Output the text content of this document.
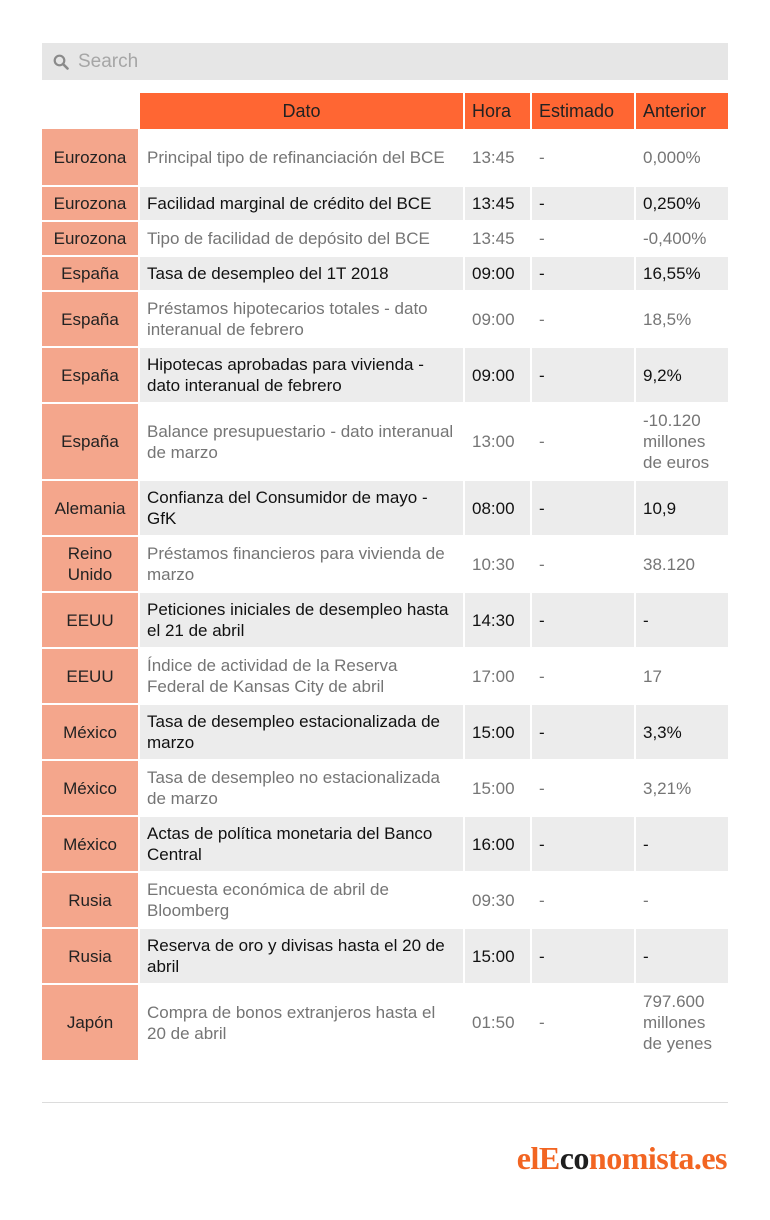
Search
	Dato	Hora	Estimado	Anterior
Eurozona	Principal tipo de refinanciación del BCE	13:45	-	0,000%
Eurozona	Facilidad marginal de crédito del BCE	13:45	-	0,250%
Eurozona	Tipo de facilidad de depósito del BCE	13:45	-	-0,400%
España	Tasa de desempleo del 1T 2018	09:00	-	16,55%
España	Préstamos hipotecarios totales - dato interanual de febrero	09:00	-	18,5%
España	Hipotecas aprobadas para vivienda - dato interanual de febrero	09:00	-	9,2%
España	Balance presupuestario - dato interanual de marzo	13:00	-	-10.120 millones de euros
Alemania	Confianza del Consumidor de mayo - GfK	08:00	-	10,9
Reino Unido	Préstamos financieros para vivienda de marzo	10:30	-	38.120
EEUU	Peticiones iniciales de desempleo hasta el 21 de abril	14:30	-	-
EEUU	Índice de actividad de la Reserva Federal de Kansas City de abril	17:00	-	17
México	Tasa de desempleo estacionalizada de marzo	15:00	-	3,3%
México	Tasa de desempleo no estacionalizada de marzo	15:00	-	3,21%
México	Actas de política monetaria del Banco Central	16:00	-	-
Rusia	Encuesta económica de abril de Bloomberg	09:30	-	-
Rusia	Reserva de oro y divisas hasta el 20 de abril	15:00	-	-
Japón	Compra de bonos extranjeros hasta el 20 de abril	01:50	-	797.600 millones de yenes
elEconomista.es
